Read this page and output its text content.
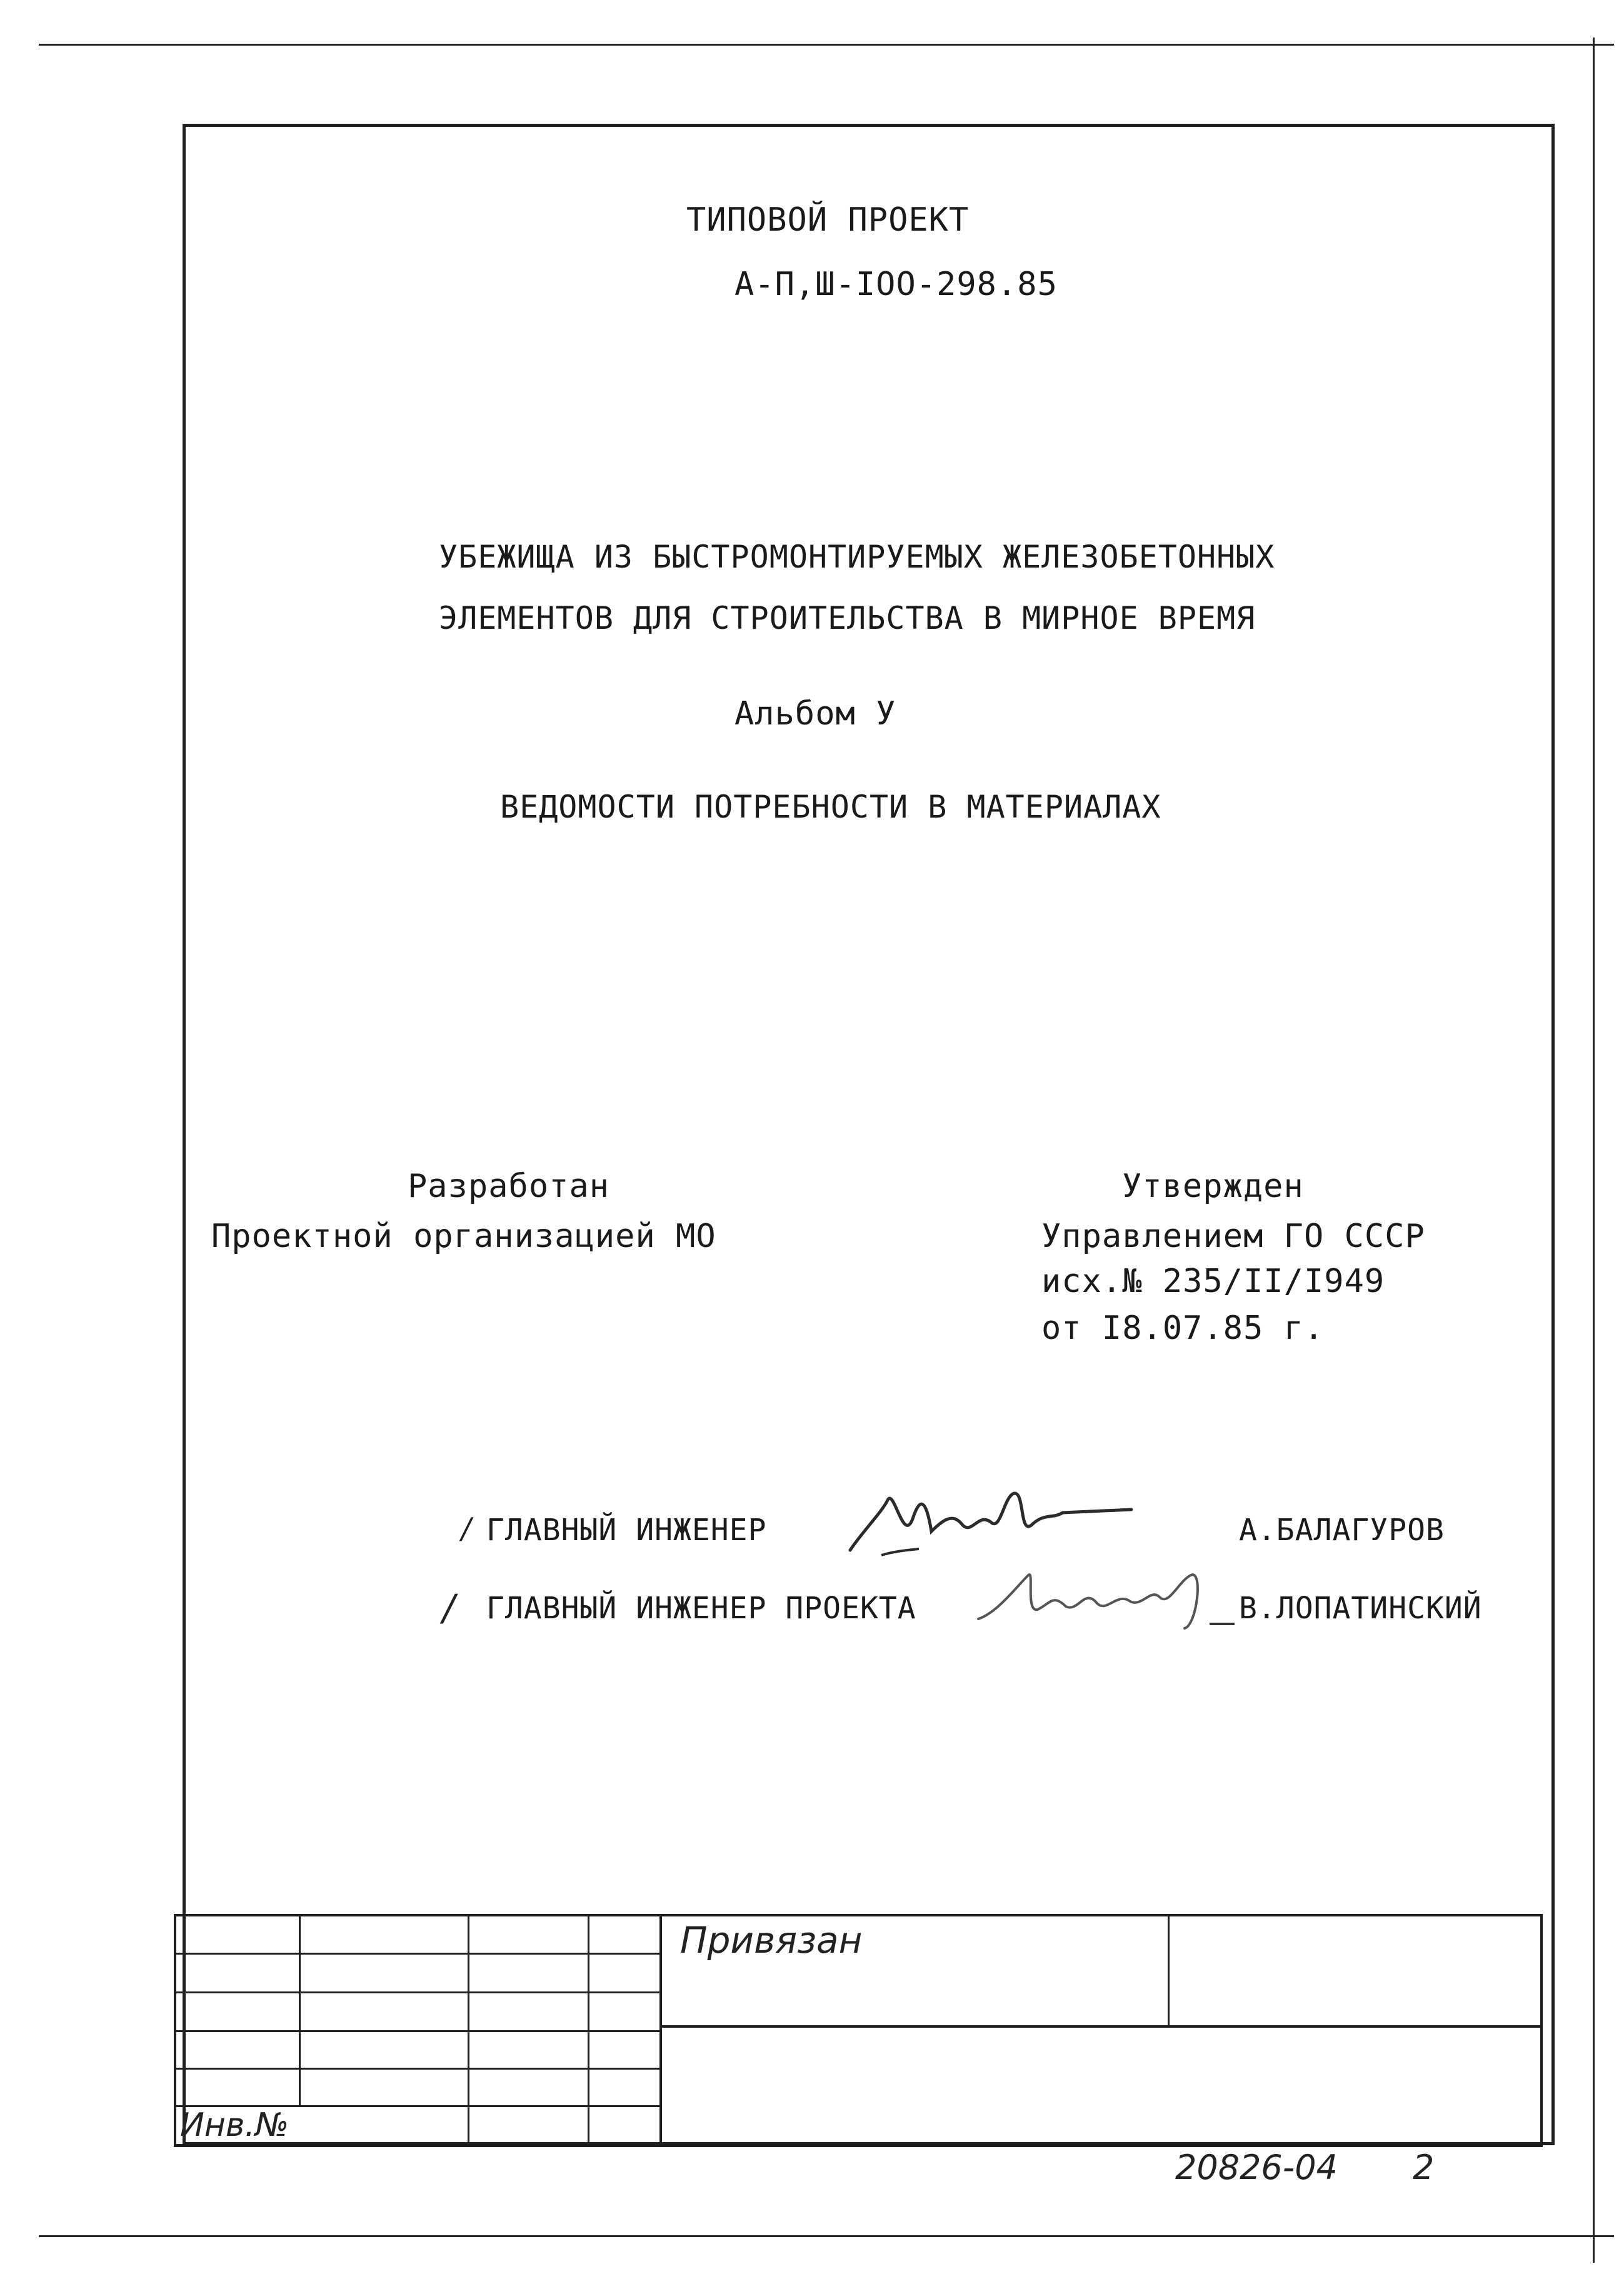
ТИПОВОЙ ПРОЕКТ
А-П,Ш-IOO-298.85
УБЕЖИЩА ИЗ БЫСТРОМОНТИРУЕМЫХ ЖЕЛЕЗОБЕТОННЫХ
ЭЛЕМЕНТОВ ДЛЯ СТРОИТЕЛЬСТВА В МИРНОЕ ВРЕМЯ
Альбом У
ВЕДОМОСТИ ПОТРЕБНОСТИ В МАТЕРИАЛАХ
Разработан
Проектной организацией МО
Утвержден
Управлением ГО СССР
исх.№ 235/II/I949
от I8.07.85 г.
/ ГЛАВНЫЙ ИНЖЕНЕР	А.БАЛАГУРОВ
/ ГЛАВНЫЙ ИНЖЕНЕР ПРОЕКТА	В.ЛОПАТИНСКИЙ
Привязан
Инв.№
20826-04 2
